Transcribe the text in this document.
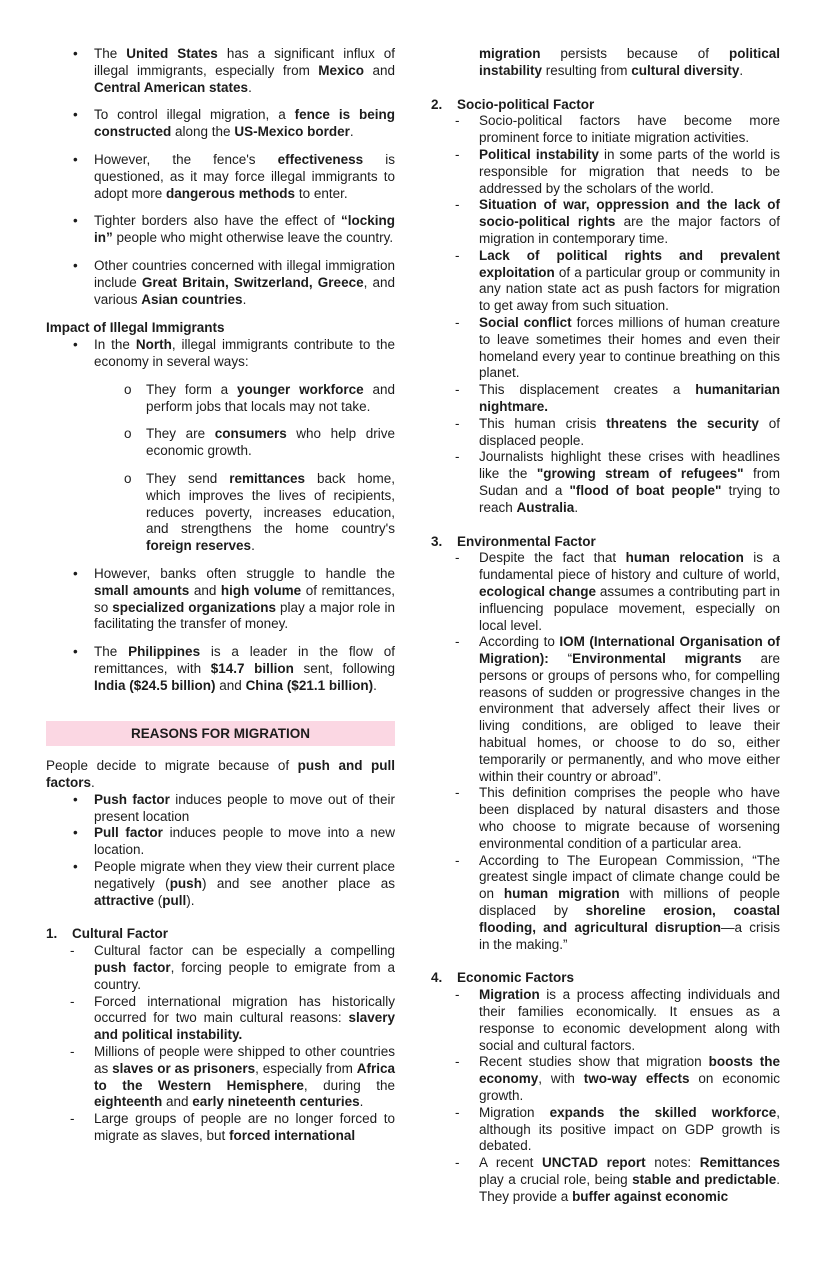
• The United States has a significant influx of illegal immigrants, especially from Mexico and Central American states.
• To control illegal migration, a fence is being constructed along the US-Mexico border.
• However, the fence's effectiveness is questioned, as it may force illegal immigrants to adopt more dangerous methods to enter.
• Tighter borders also have the effect of “locking in” people who might otherwise leave the country.
• Other countries concerned with illegal immigration include Great Britain, Switzerland, Greece, and various Asian countries.
Impact of Illegal Immigrants
• In the North, illegal immigrants contribute to the economy in several ways:
o They form a younger workforce and perform jobs that locals may not take.
o They are consumers who help drive economic growth.
o They send remittances back home, which improves the lives of recipients, reduces poverty, increases education, and strengthens the home country's foreign reserves.
• However, banks often struggle to handle the small amounts and high volume of remittances, so specialized organizations play a major role in facilitating the transfer of money.
• The Philippines is a leader in the flow of remittances, with $14.7 billion sent, following India ($24.5 billion) and China ($21.1 billion).
REASONS FOR MIGRATION
People decide to migrate because of push and pull factors.
• Push factor induces people to move out of their present location
• Pull factor induces people to move into a new location.
• People migrate when they view their current place negatively (push) and see another place as attractive (pull).
1. Cultural Factor
- Cultural factor can be especially a compelling push factor, forcing people to emigrate from a country.
- Forced international migration has historically occurred for two main cultural reasons: slavery and political instability.
- Millions of people were shipped to other countries as slaves or as prisoners, especially from Africa to the Western Hemisphere, during the eighteenth and early nineteenth centuries.
- Large groups of people are no longer forced to migrate as slaves, but forced international
migration persists because of political instability resulting from cultural diversity.
2. Socio-political Factor
- Socio-political factors have become more prominent force to initiate migration activities.
- Political instability in some parts of the world is responsible for migration that needs to be addressed by the scholars of the world.
- Situation of war, oppression and the lack of socio-political rights are the major factors of migration in contemporary time.
- Lack of political rights and prevalent exploitation of a particular group or community in any nation state act as push factors for migration to get away from such situation.
- Social conflict forces millions of human creature to leave sometimes their homes and even their homeland every year to continue breathing on this planet.
- This displacement creates a humanitarian nightmare.
- This human crisis threatens the security of displaced people.
- Journalists highlight these crises with headlines like the "growing stream of refugees" from Sudan and a "flood of boat people" trying to reach Australia.
3. Environmental Factor
- Despite the fact that human relocation is a fundamental piece of history and culture of world, ecological change assumes a contributing part in influencing populace movement, especially on local level.
- According to IOM (International Organisation of Migration): “Environmental migrants are persons or groups of persons who, for compelling reasons of sudden or progressive changes in the environment that adversely affect their lives or living conditions, are obliged to leave their habitual homes, or choose to do so, either temporarily or permanently, and who move either within their country or abroad”.
- This definition comprises the people who have been displaced by natural disasters and those who choose to migrate because of worsening environmental condition of a particular area.
- According to The European Commission, “The greatest single impact of climate change could be on human migration with millions of people displaced by shoreline erosion, coastal flooding, and agricultural disruption—a crisis in the making.”
4. Economic Factors
- Migration is a process affecting individuals and their families economically. It ensues as a response to economic development along with social and cultural factors.
- Recent studies show that migration boosts the economy, with two-way effects on economic growth.
- Migration expands the skilled workforce, although its positive impact on GDP growth is debated.
- A recent UNCTAD report notes: Remittances play a crucial role, being stable and predictable. They provide a buffer against economic
